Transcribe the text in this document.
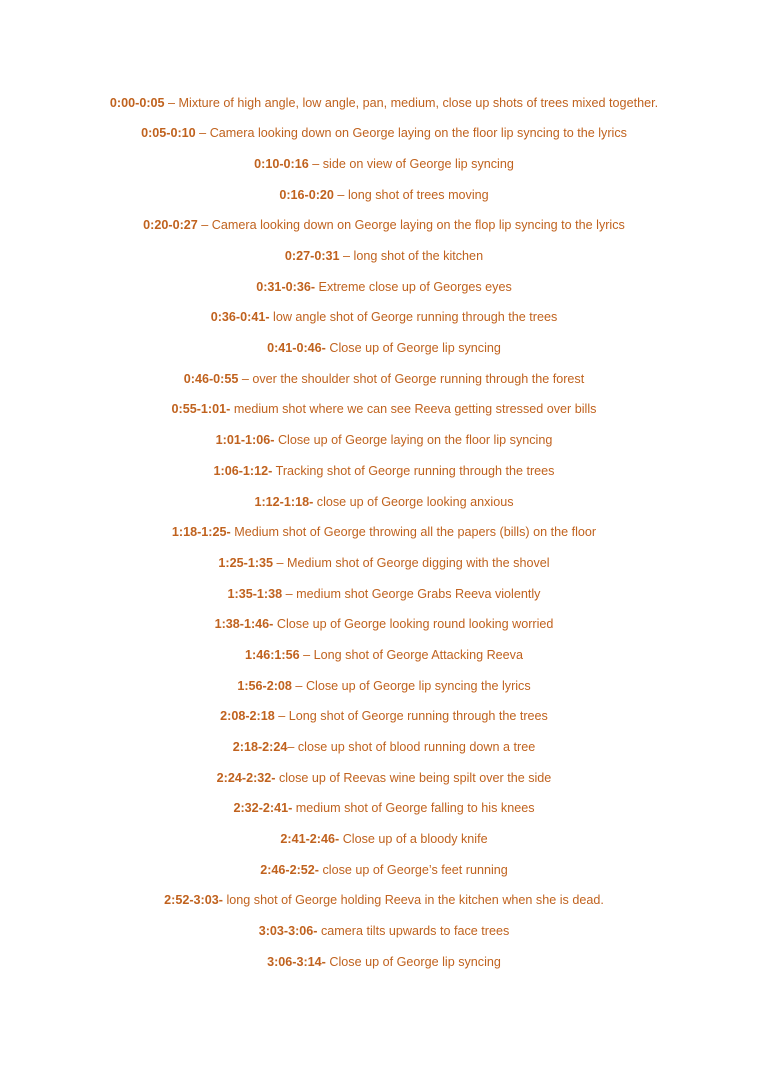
0:00-0:05 – Mixture of high angle, low angle, pan, medium, close up shots of trees mixed together.
0:05-0:10 – Camera looking down on George laying on the floor lip syncing to the lyrics
0:10-0:16 – side on view of George lip syncing
0:16-0:20 – long shot of trees moving
0:20-0:27 – Camera looking down on George laying on the flop lip syncing to the lyrics
0:27-0:31 – long shot of the kitchen
0:31-0:36- Extreme close up of Georges eyes
0:36-0:41- low angle shot of George running through the trees
0:41-0:46- Close up of George lip syncing
0:46-0:55 – over the shoulder shot of George running through the forest
0:55-1:01- medium shot where we can see Reeva getting stressed over bills
1:01-1:06- Close up of George laying on the floor lip syncing
1:06-1:12- Tracking shot of George running through the trees
1:12-1:18- close up of George looking anxious
1:18-1:25- Medium shot of George throwing all the papers (bills) on the floor
1:25-1:35 – Medium shot of George digging with the shovel
1:35-1:38 – medium shot George Grabs Reeva violently
1:38-1:46- Close up of George looking round looking worried
1:46:1:56 – Long shot of George Attacking Reeva
1:56-2:08 – Close up of George lip syncing the lyrics
2:08-2:18 – Long shot of George running through the trees
2:18-2:24– close up shot of blood running down a tree
2:24-2:32- close up of Reevas wine being spilt over the side
2:32-2:41- medium shot of George falling to his knees
2:41-2:46- Close up of a bloody knife
2:46-2:52- close up of George’s feet running
2:52-3:03- long shot of George holding Reeva in the kitchen when she is dead.
3:03-3:06- camera tilts upwards to face trees
3:06-3:14- Close up of George lip syncing
